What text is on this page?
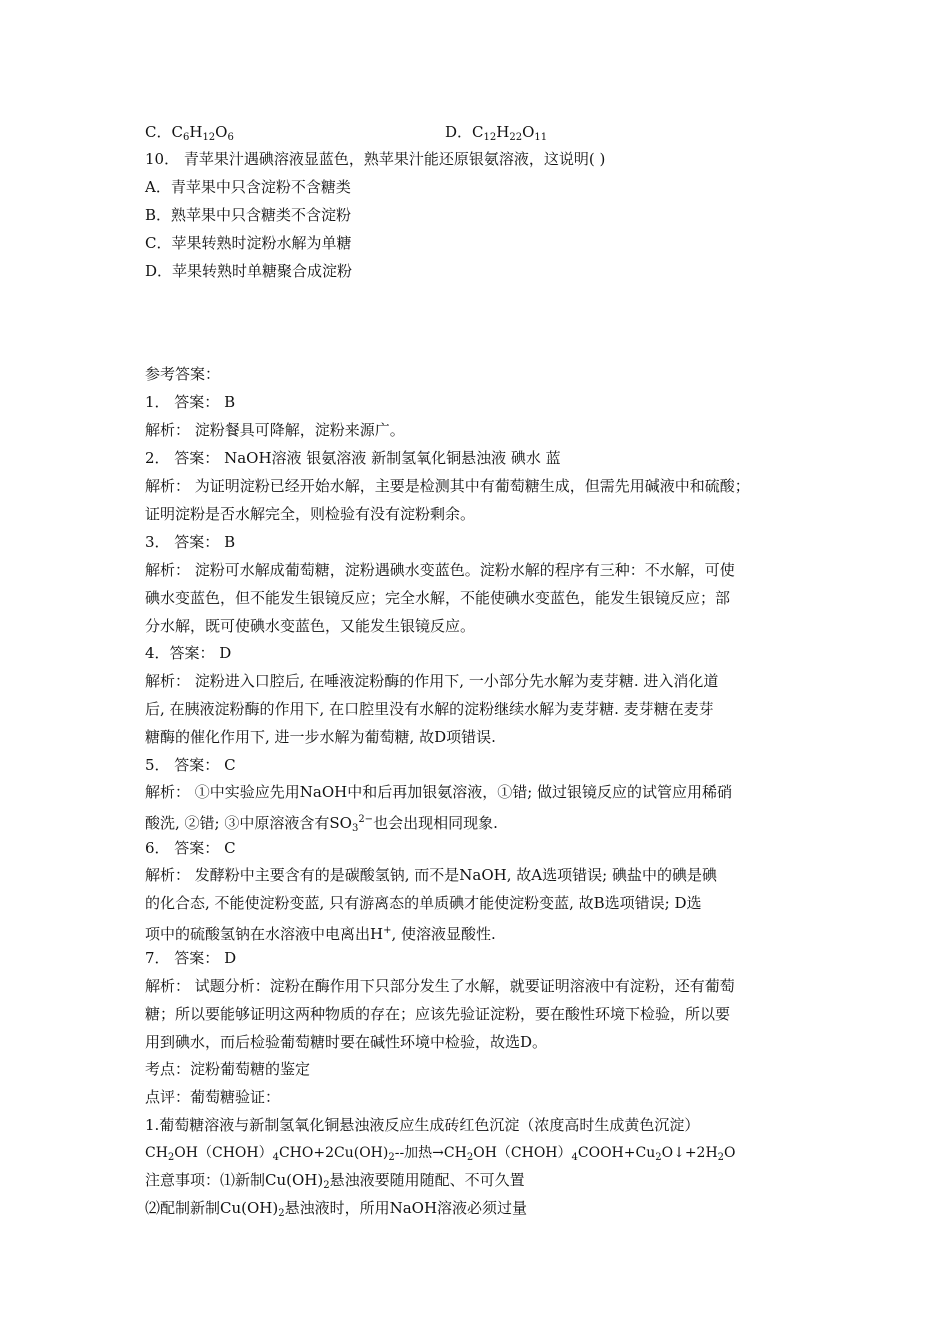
C．$C_6H_{12}O_6$	D．$C_{12}H_{22}O_{11}$
10． 青苹果汁遇碘溶液显蓝色，熟苹果汁能还原银氨溶液，这说明( )
A．青苹果中只含淀粉不含糖类
B．熟苹果中只含糖类不含淀粉
C．苹果转熟时淀粉水解为单糖
D．苹果转熟时单糖聚合成淀粉
参考答案：
1． 答案： B
解析： 淀粉餐具可降解，淀粉来源广。
2． 答案： NaOH溶液 银氨溶液 新制氢氧化铜悬浊液 碘水 蓝
解析： 为证明淀粉已经开始水解，主要是检测其中有葡萄糖生成，但需先用碱液中和硫酸；
证明淀粉是否水解完全，则检验有没有淀粉剩余。
3． 答案： B
解析： 淀粉可水解成葡萄糖，淀粉遇碘水变蓝色。淀粉水解的程序有三种：不水解，可使
碘水变蓝色，但不能发生银镜反应；完全水解，不能使碘水变蓝色，能发生银镜反应；部
分水解，既可使碘水变蓝色，又能发生银镜反应。
4．答案： D
解析： 淀粉进入口腔后, 在唾液淀粉酶的作用下, 一小部分先水解为麦芽糖. 进入消化道
后, 在胰液淀粉酶的作用下, 在口腔里没有水解的淀粉继续水解为麦芽糖. 麦芽糖在麦芽
糖酶的催化作用下, 进一步水解为葡萄糖, 故D项错误.
5． 答案： C
解析： ①中实验应先用NaOH中和后再加银氨溶液，①错; 做过银镜反应的试管应用稀硝
酸洗, ②错; ③中原溶液含有$SO_3^{2-}$也会出现相同现象.
6． 答案： C
解析： 发酵粉中主要含有的是碳酸氢钠, 而不是NaOH, 故A选项错误; 碘盐中的碘是碘
的化合态, 不能使淀粉变蓝, 只有游离态的单质碘才能使淀粉变蓝, 故B选项错误; D选
项中的硫酸氢钠在水溶液中电离出H+, 使溶液显酸性.
7． 答案： D
解析： 试题分析：淀粉在酶作用下只部分发生了水解，就要证明溶液中有淀粉，还有葡萄
糖；所以要能够证明这两种物质的存在；应该先验证淀粉，要在酸性环境下检验，所以要
用到碘水，而后检验葡萄糖时要在碱性环境中检验，故选D。
考点：淀粉葡萄糖的鉴定
点评：葡萄糖验证：
1.葡萄糖溶液与新制氢氧化铜悬浊液反应生成砖红色沉淀（浓度高时生成黄色沉淀）
$CH_2OH(CHOH)_4CHO+2Cu(OH)_2--$加热$\to CH_2OH(CHOH)_4COOH+Cu_2O↓+2H_2O$
注意事项：⑴新制$Cu(OH)_2$悬浊液要随用随配、不可久置
⑵配制新制$Cu(OH)_2$悬浊液时，所用NaOH溶液必须过量
